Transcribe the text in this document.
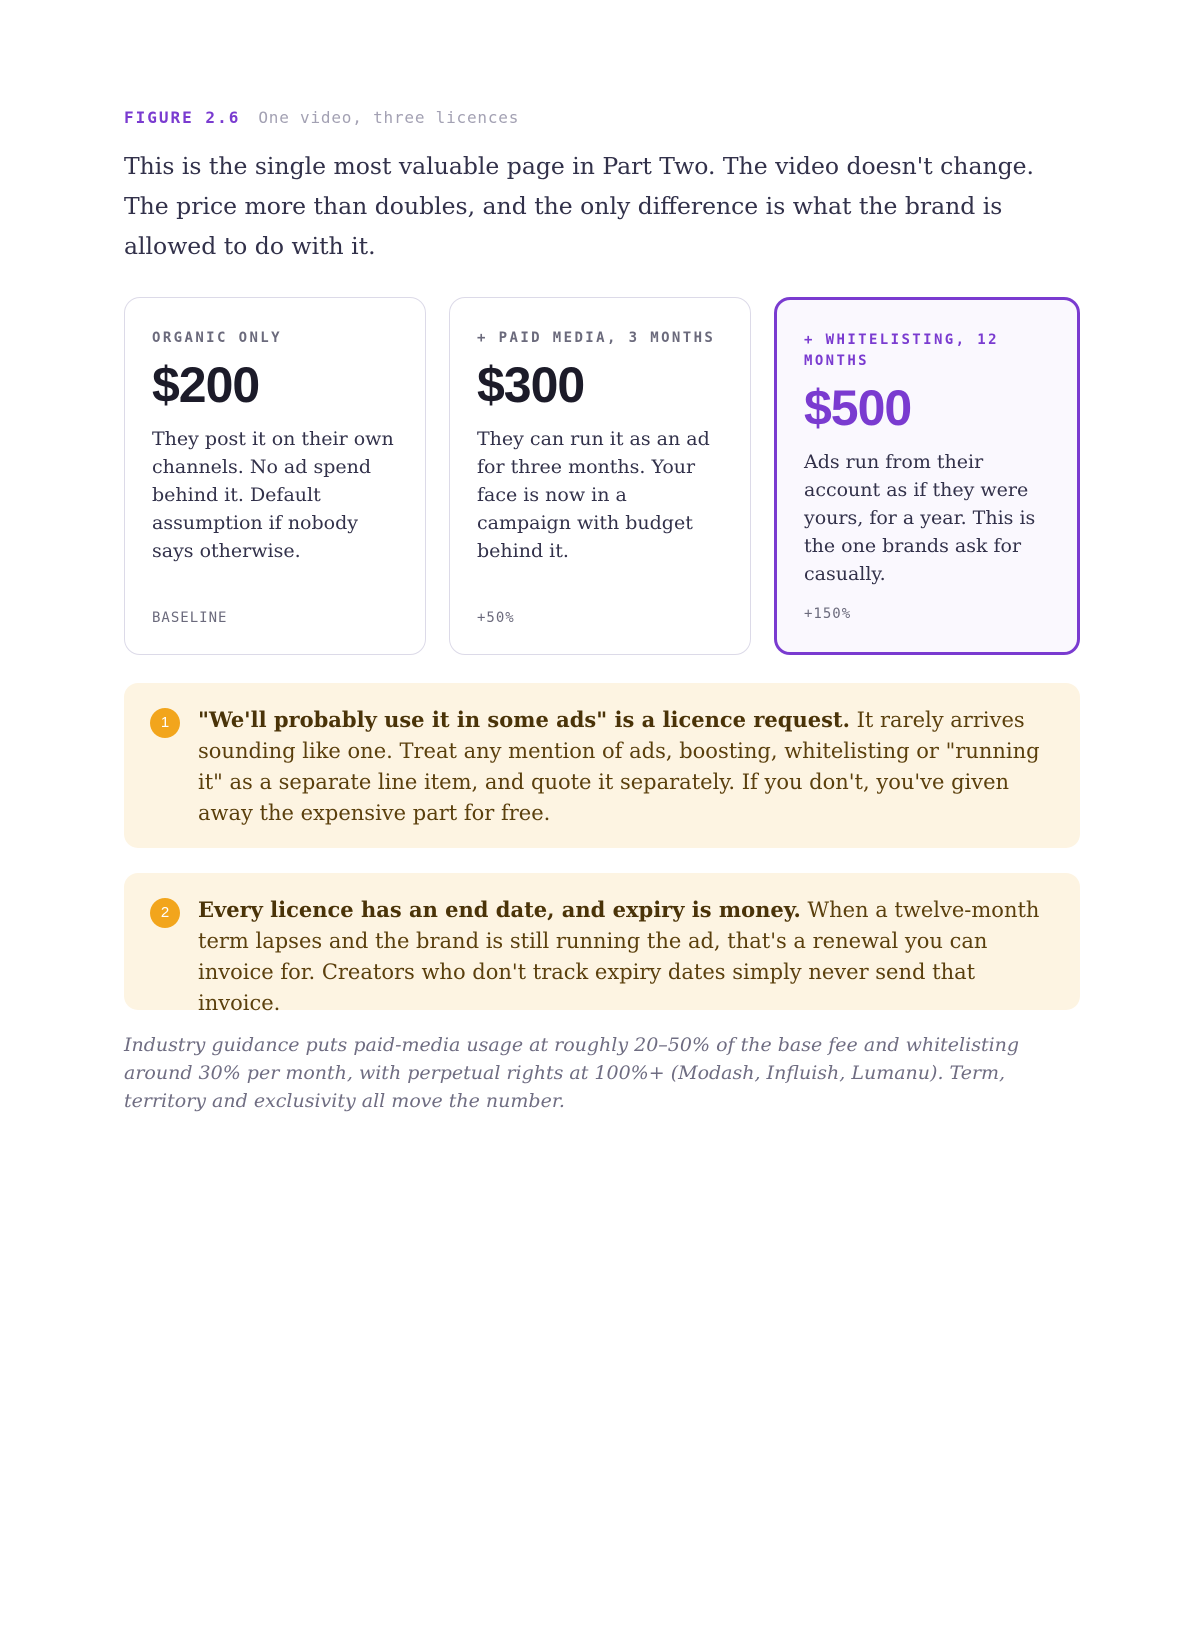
FIGURE 2.6 One video, three licences

This is the single most valuable page in Part Two. The video doesn't change. The price more than doubles, and the only difference is what the brand is allowed to do with it.

ORGANIC ONLY
$200
They post it on their own channels. No ad spend behind it. Default assumption if nobody says otherwise.
BASELINE
+ PAID MEDIA, 3 MONTHS
$300
They can run it as an ad for three months. Your face is now in a campaign with budget behind it.
+50%
+ WHITELISTING, 12 MONTHS
$500
Ads run from their account as if they were yours, for a year. This is the one brands ask for casually.
+150%
1	"We'll probably use it in some ads" is a licence request. It rarely arrives sounding like one. Treat any mention of ads, boosting, whitelisting or "running it" as a separate line item, and quote it separately. If you don't, you've given away the expensive part for free.
2	Every licence has an end date, and expiry is money. When a twelve-month term lapses and the brand is still running the ad, that's a renewal you can invoice for. Creators who don't track expiry dates simply never send that invoice.

Industry guidance puts paid-media usage at roughly 20–50% of the base fee and whitelisting around 30% per month, with perpetual rights at 100%+ (Modash, Influish, Lumanu). Term, territory and exclusivity all move the number.
